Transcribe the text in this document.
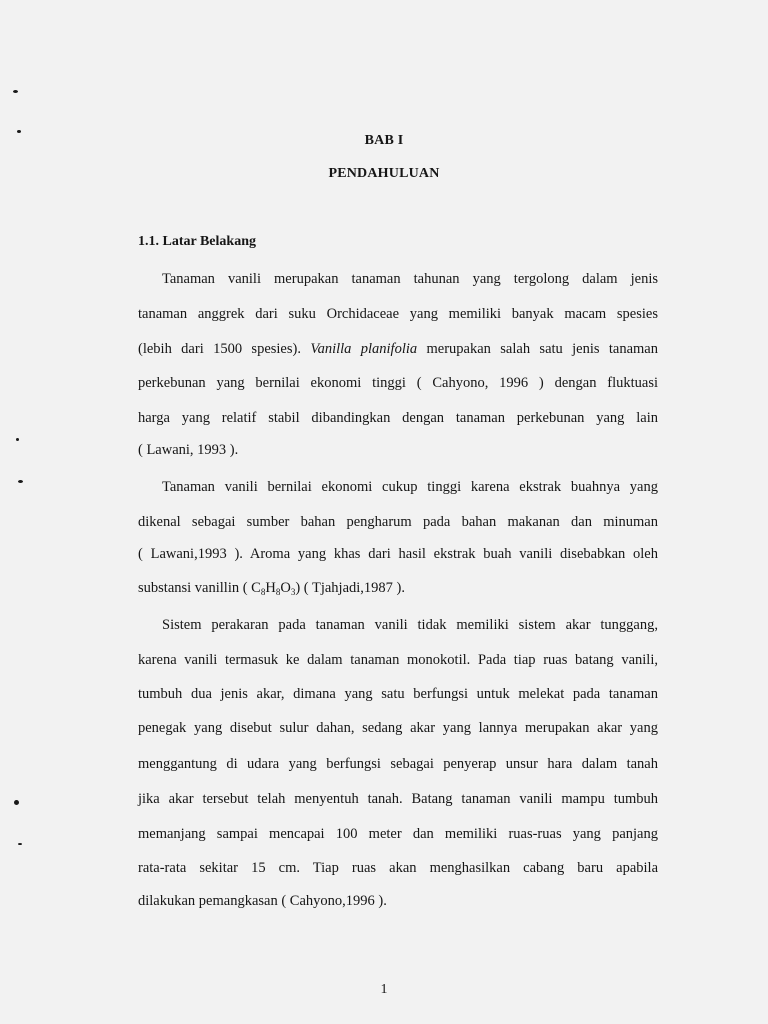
BAB I
PENDAHULUAN
1.1. Latar Belakang
Tanaman vanili merupakan tanaman tahunan yang tergolong dalam jenis
tanaman anggrek dari suku Orchidaceae yang memiliki banyak macam spesies
(lebih dari 1500 spesies). Vanilla planifolia merupakan salah satu jenis tanaman
perkebunan yang bernilai ekonomi tinggi ( Cahyono, 1996 ) dengan fluktuasi
harga yang relatif stabil dibandingkan dengan tanaman perkebunan yang lain
( Lawani, 1993 ).
Tanaman vanili bernilai ekonomi cukup tinggi karena ekstrak buahnya yang
dikenal sebagai sumber bahan pengharum pada bahan makanan dan minuman
( Lawani,1993 ). Aroma yang khas dari hasil ekstrak buah vanili disebabkan oleh
substansi vanillin ( $C_8H_8O_3$) ( Tjahjadi,1987 ).
Sistem perakaran pada tanaman vanili tidak memiliki sistem akar tunggang,
karena vanili termasuk ke dalam tanaman monokotil. Pada tiap ruas batang vanili,
tumbuh dua jenis akar, dimana yang satu berfungsi untuk melekat pada tanaman
penegak yang disebut sulur dahan, sedang akar yang lannya merupakan akar yang
menggantung di udara yang berfungsi sebagai penyerap unsur hara dalam tanah
jika akar tersebut telah menyentuh tanah. Batang tanaman vanili mampu tumbuh
memanjang sampai mencapai 100 meter dan memiliki ruas-ruas yang panjang
rata-rata sekitar 15 cm. Tiap ruas akan menghasilkan cabang baru apabila
dilakukan pemangkasan ( Cahyono,1996 ).
1
